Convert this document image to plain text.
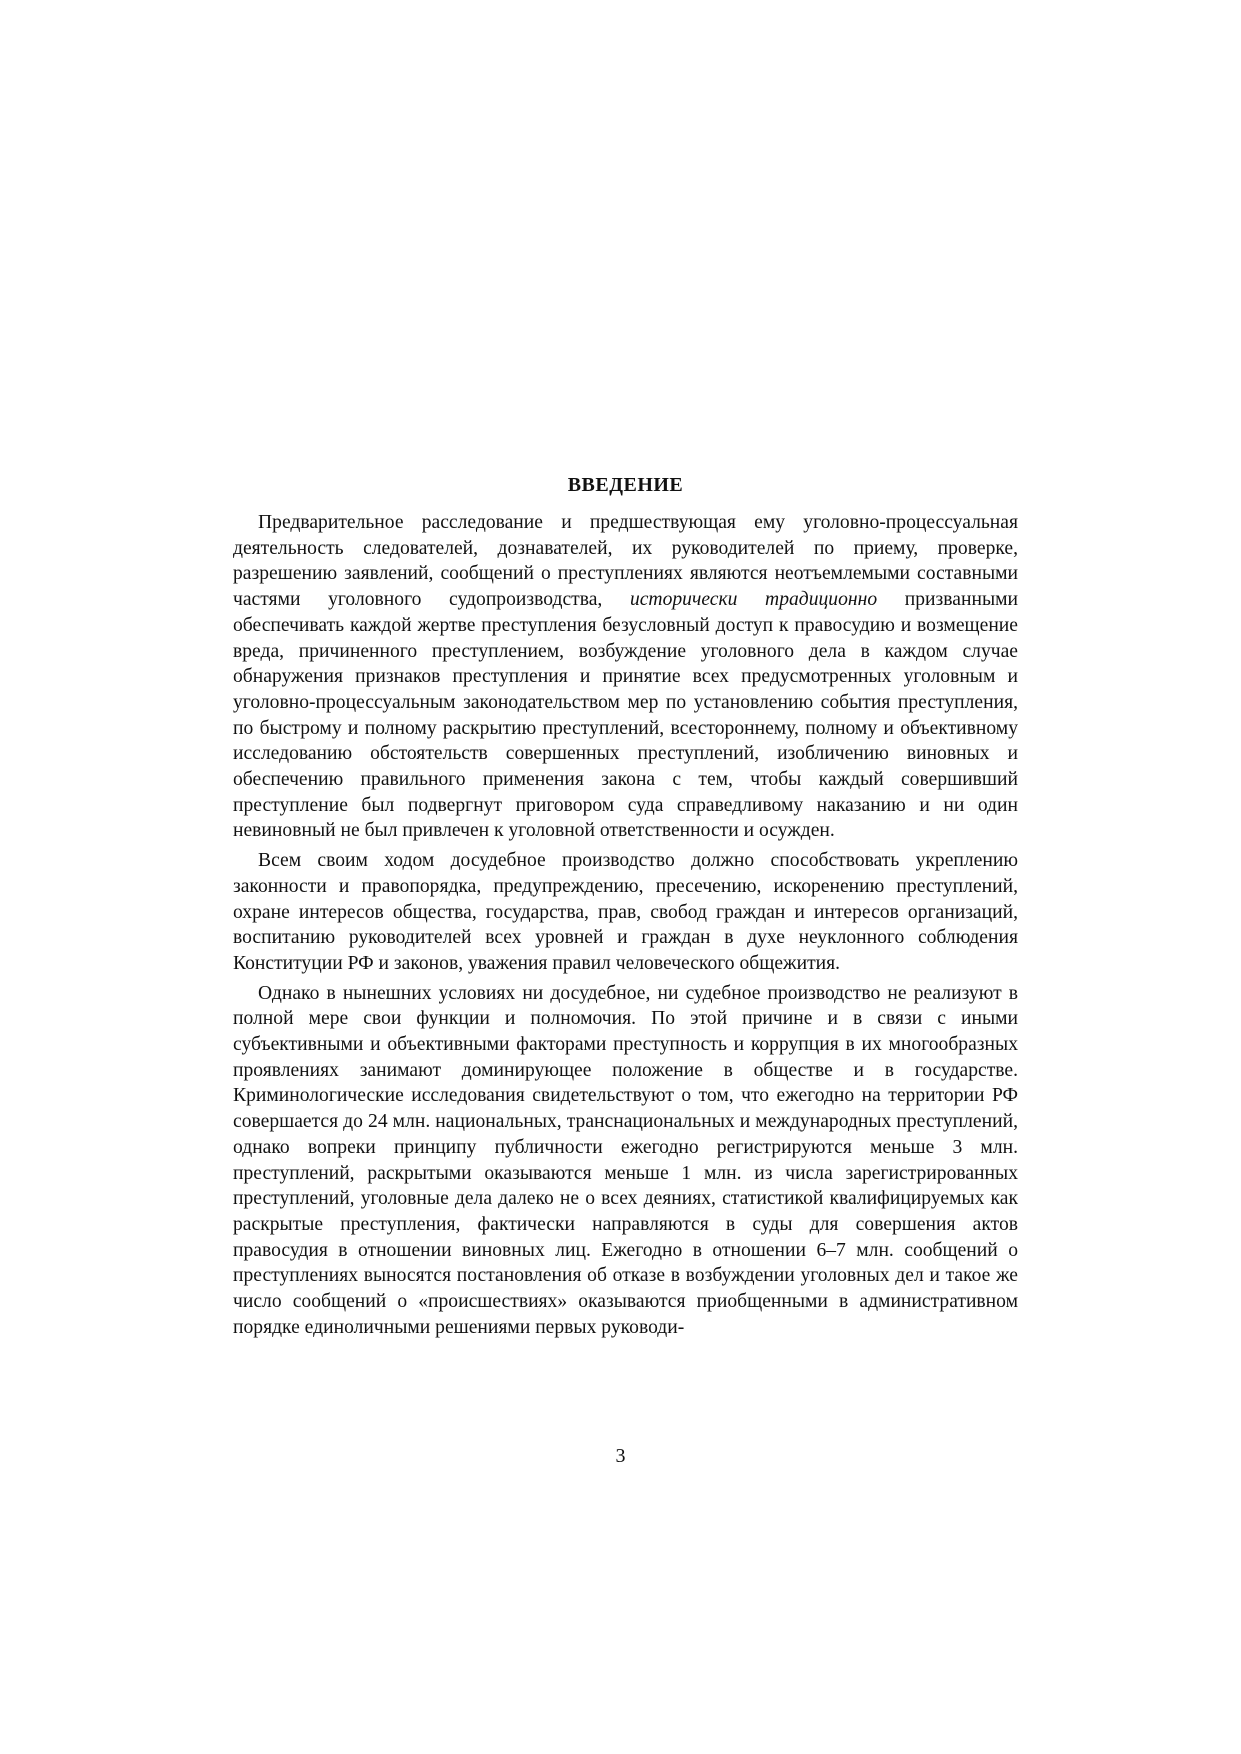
ВВЕДЕНИЕ

Предварительное расследование и предшествующая ему уголовно-процессуальная деятельность следователей, дознавателей, их руководителей по приему, проверке, разрешению заявлений, сообщений о преступлениях являются неотъемлемыми составными частями уголовного судопроизводства, исторически традиционно призванными обеспечивать каждой жертве преступления безусловный доступ к правосудию и возмещение вреда, причиненного преступлением, возбуждение уголовного дела в каждом случае обнаружения признаков преступления и принятие всех предусмотренных уголовным и уголовно-процессуальным законодательством мер по установлению события преступления, по быстрому и полному раскрытию преступлений, всестороннему, полному и объективному исследованию обстоятельств совершенных преступлений, изобличению виновных и обеспечению правильного применения закона с тем, чтобы каждый совершивший преступление был подвергнут приговором суда справедливому наказанию и ни один невиновный не был привлечен к уголовной ответственности и осужден.

Всем своим ходом досудебное производство должно способствовать укреплению законности и правопорядка, предупреждению, пресечению, искоренению преступлений, охране интересов общества, государства, прав, свобод граждан и интересов организаций, воспитанию руководителей всех уровней и граждан в духе неуклонного соблюдения Конституции РФ и законов, уважения правил человеческого общежития.

Однако в нынешних условиях ни досудебное, ни судебное производство не реализуют в полной мере свои функции и полномочия. По этой причине и в связи с иными субъективными и объективными факторами преступность и коррупция в их многообразных проявлениях занимают доминирующее положение в обществе и в государстве. Криминологические исследования свидетельствуют о том, что ежегодно на территории РФ совершается до 24 млн. национальных, транснациональных и международных преступлений, однако вопреки принципу публичности ежегодно регистрируются меньше 3 млн. преступлений, раскрытыми оказываются меньше 1 млн. из числа зарегистрированных преступлений, уголовные дела далеко не о всех деяниях, статистикой квалифицируемых как раскрытые преступления, фактически направляются в суды для совершения актов правосудия в отношении виновных лиц. Ежегодно в отношении 6–7 млн. сообщений о преступлениях выносятся постановления об отказе в возбуждении уголовных дел и такое же число сообщений о «происшествиях» оказываются приобщенными в административном порядке единоличными решениями первых руководи-

3
